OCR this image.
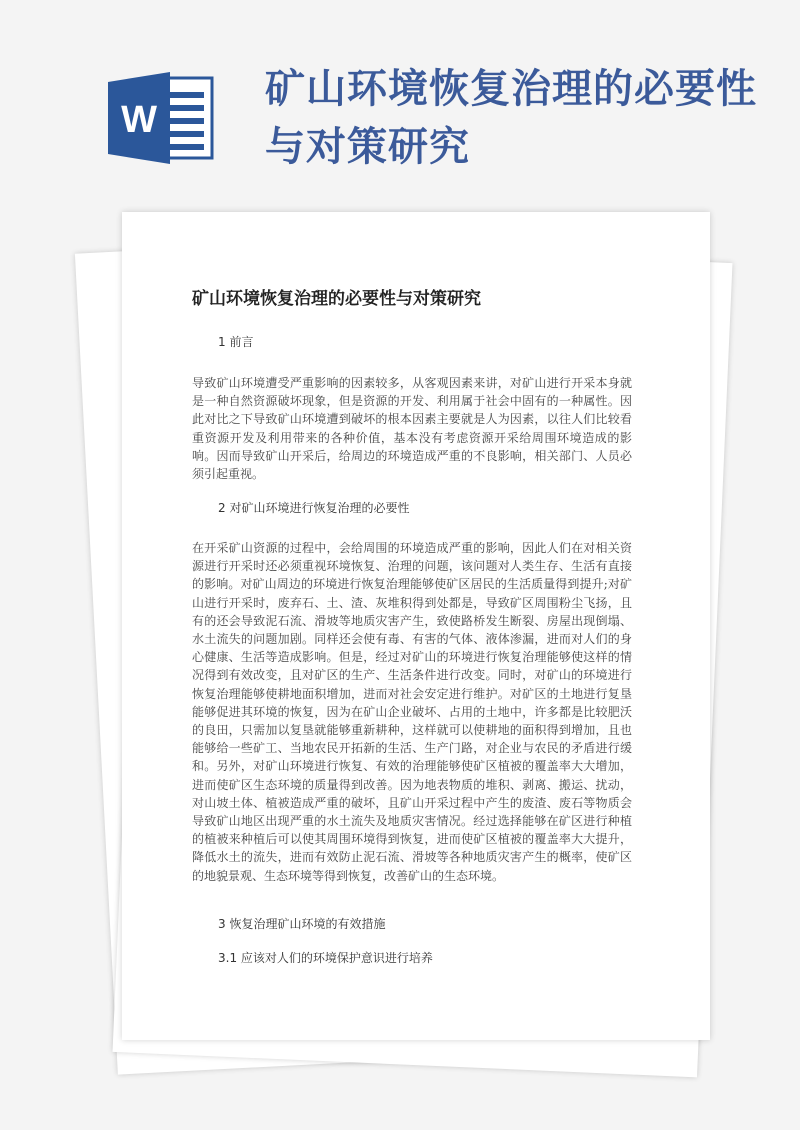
W
矿山环境恢复治理的必要性与对策研究
矿山环境恢复治理的必要性与对策研究
1 前言

导致矿山环境遭受严重影响的因素较多，从客观因素来讲，对矿山进行开采本身就是一种自然资源破坏现象，但是资源的开发、利用属于社会中固有的一种属性。因此对比之下导致矿山环境遭到破坏的根本因素主要就是人为因素，以往人们比较看重资源开发及利用带来的各种价值，基本没有考虑资源开采给周围环境造成的影响。因而导致矿山开采后，给周边的环境造成严重的不良影响，相关部门、人员必须引起重视。

2 对矿山环境进行恢复治理的必要性

在开采矿山资源的过程中，会给周围的环境造成严重的影响，因此人们在对相关资源进行开采时还必须重视环境恢复、治理的问题，该问题对人类生存、生活有直接的影响。对矿山周边的环境进行恢复治理能够使矿区居民的生活质量得到提升;对矿山进行开采时，废弃石、土、渣、灰堆积得到处都是，导致矿区周围粉尘飞扬，且有的还会导致泥石流、滑坡等地质灾害产生，致使路桥发生断裂、房屋出现倒塌、水土流失的问题加剧。同样还会使有毒、有害的气体、液体渗漏，进而对人们的身心健康、生活等造成影响。但是，经过对矿山的环境进行恢复治理能够使这样的情况得到有效改变，且对矿区的生产、生活条件进行改变。同时，对矿山的环境进行恢复治理能够使耕地面积增加，进而对社会安定进行维护。对矿区的土地进行复垦能够促进其环境的恢复，因为在矿山企业破坏、占用的土地中，许多都是比较肥沃的良田，只需加以复垦就能够重新耕种，这样就可以使耕地的面积得到增加，且也能够给一些矿工、当地农民开拓新的生活、生产门路，对企业与农民的矛盾进行缓和。另外，对矿山环境进行恢复、有效的治理能够使矿区植被的覆盖率大大增加，进而使矿区生态环境的质量得到改善。因为地表物质的堆积、剥离、搬运、扰动，对山坡土体、植被造成严重的破坏，且矿山开采过程中产生的废渣、废石等物质会导致矿山地区出现严重的水土流失及地质灾害情况。经过选择能够在矿区进行种植的植被来种植后可以使其周围环境得到恢复，进而使矿区植被的覆盖率大大提升，降低水土的流失，进而有效防止泥石流、滑坡等各种地质灾害产生的概率，使矿区的地貌景观、生态环境等得到恢复，改善矿山的生态环境。

3 恢复治理矿山环境的有效措施
3.1 应该对人们的环境保护意识进行培养
